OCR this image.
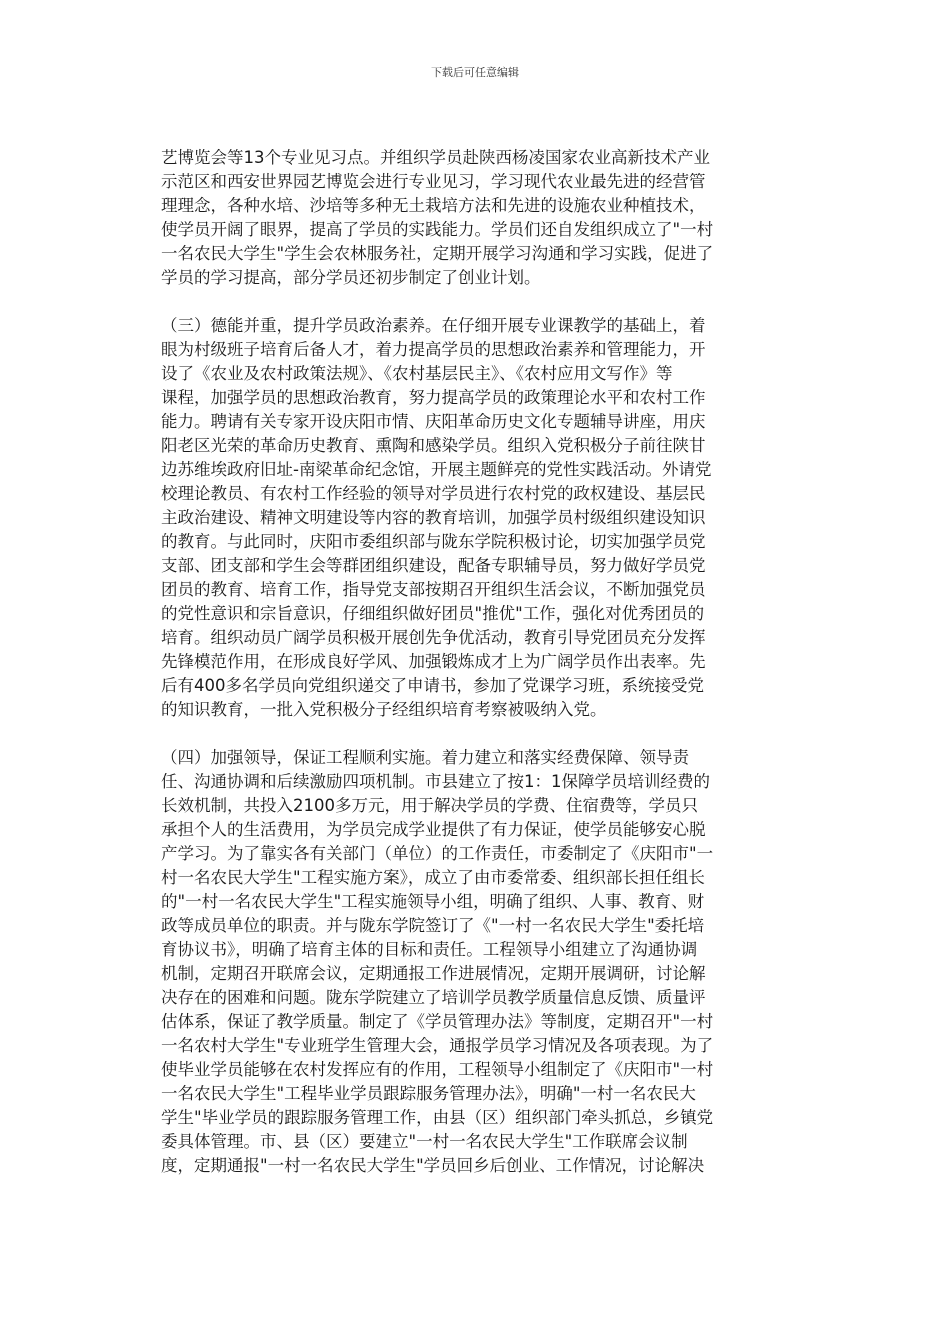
下载后可任意编辑
艺博览会等13个专业见习点。并组织学员赴陕西杨凌国家农业高新技术产业
示范区和西安世界园艺博览会进行专业见习，学习现代农业最先进的经营管
理理念，各种水培、沙培等多种无土栽培方法和先进的设施农业种植技术，
使学员开阔了眼界，提高了学员的实践能力。学员们还自发组织成立了"一村
一名农民大学生"学生会农林服务社，定期开展学习沟通和学习实践，促进了
学员的学习提高，部分学员还初步制定了创业计划。
（三）德能并重，提升学员政治素养。在仔细开展专业课教学的基础上，着
眼为村级班子培育后备人才，着力提高学员的思想政治素养和管理能力，开
设了《农业及农村政策法规》、《农村基层民主》、《农村应用文写作》等
课程，加强学员的思想政治教育，努力提高学员的政策理论水平和农村工作
能力。聘请有关专家开设庆阳市情、庆阳革命历史文化专题辅导讲座，用庆
阳老区光荣的革命历史教育、熏陶和感染学员。组织入党积极分子前往陕甘
边苏维埃政府旧址-南梁革命纪念馆，开展主题鲜亮的党性实践活动。外请党
校理论教员、有农村工作经验的领导对学员进行农村党的政权建设、基层民
主政治建设、精神文明建设等内容的教育培训，加强学员村级组织建设知识
的教育。与此同时，庆阳市委组织部与陇东学院积极讨论，切实加强学员党
支部、团支部和学生会等群团组织建设，配备专职辅导员，努力做好学员党
团员的教育、培育工作，指导党支部按期召开组织生活会议，不断加强党员
的党性意识和宗旨意识，仔细组织做好团员"推优"工作，强化对优秀团员的
培育。组织动员广阔学员积极开展创先争优活动，教育引导党团员充分发挥
先锋模范作用，在形成良好学风、加强锻炼成才上为广阔学员作出表率。先
后有400多名学员向党组织递交了申请书，参加了党课学习班，系统接受党
的知识教育，一批入党积极分子经组织培育考察被吸纳入党。
（四）加强领导，保证工程顺利实施。着力建立和落实经费保障、领导责
任、沟通协调和后续激励四项机制。市县建立了按1：1保障学员培训经费的
长效机制，共投入2100多万元，用于解决学员的学费、住宿费等，学员只
承担个人的生活费用，为学员完成学业提供了有力保证，使学员能够安心脱
产学习。为了靠实各有关部门（单位）的工作责任，市委制定了《庆阳市"一
村一名农民大学生"工程实施方案》，成立了由市委常委、组织部长担任组长
的"一村一名农民大学生"工程实施领导小组，明确了组织、人事、教育、财
政等成员单位的职责。并与陇东学院签订了《"一村一名农民大学生"委托培
育协议书》，明确了培育主体的目标和责任。工程领导小组建立了沟通协调
机制，定期召开联席会议，定期通报工作进展情况，定期开展调研，讨论解
决存在的困难和问题。陇东学院建立了培训学员教学质量信息反馈、质量评
估体系，保证了教学质量。制定了《学员管理办法》等制度，定期召开"一村
一名农村大学生"专业班学生管理大会，通报学员学习情况及各项表现。为了
使毕业学员能够在农村发挥应有的作用，工程领导小组制定了《庆阳市"一村
一名农民大学生"工程毕业学员跟踪服务管理办法》，明确"一村一名农民大
学生"毕业学员的跟踪服务管理工作，由县（区）组织部门牵头抓总，乡镇党
委具体管理。市、县（区）要建立"一村一名农民大学生"工作联席会议制
度，定期通报"一村一名农民大学生"学员回乡后创业、工作情况，讨论解决
